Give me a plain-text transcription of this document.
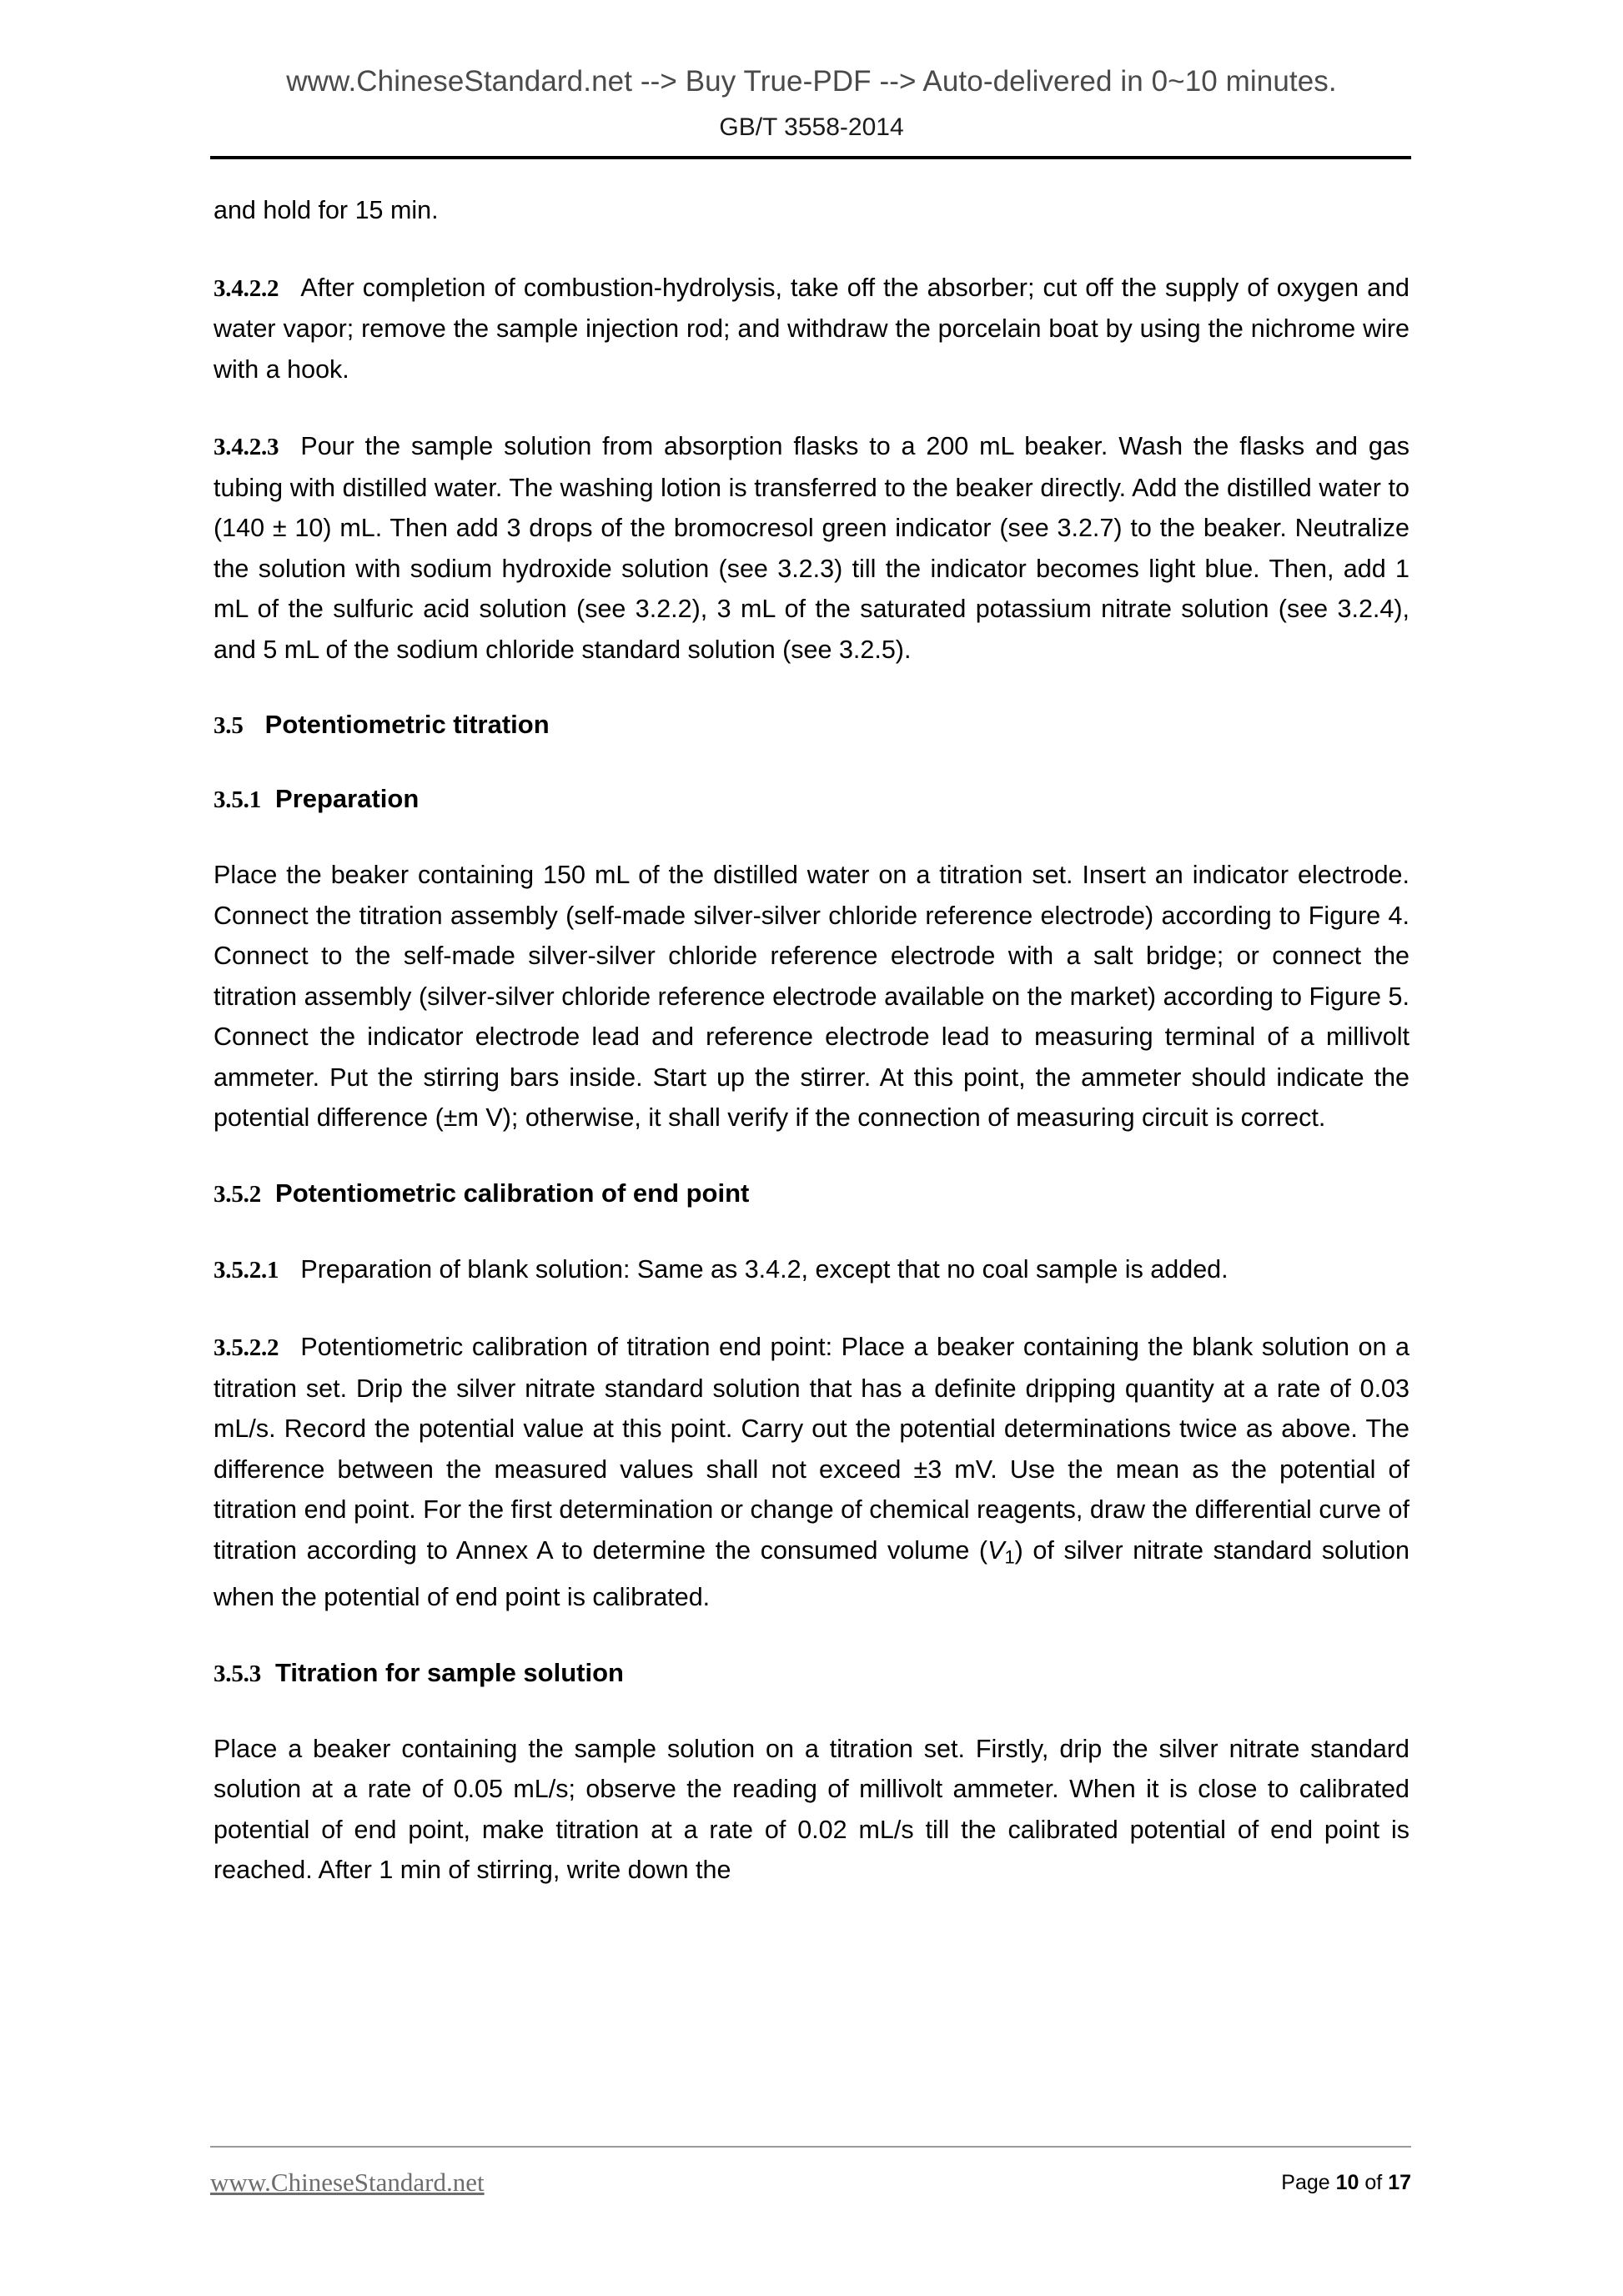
www.ChineseStandard.net --> Buy True-PDF --> Auto-delivered in 0~10 minutes.
GB/T 3558-2014

and hold for 15 min.

3.4.2.2 After completion of combustion-hydrolysis, take off the absorber; cut off the supply of oxygen and water vapor; remove the sample injection rod; and withdraw the porcelain boat by using the nichrome wire with a hook.

3.4.2.3 Pour the sample solution from absorption flasks to a 200 mL beaker. Wash the flasks and gas tubing with distilled water. The washing lotion is transferred to the beaker directly. Add the distilled water to (140 ± 10) mL. Then add 3 drops of the bromocresol green indicator (see 3.2.7) to the beaker. Neutralize the solution with sodium hydroxide solution (see 3.2.3) till the indicator becomes light blue. Then, add 1 mL of the sulfuric acid solution (see 3.2.2), 3 mL of the saturated potassium nitrate solution (see 3.2.4), and 5 mL of the sodium chloride standard solution (see 3.2.5).

3.5 Potentiometric titration
3.5.1 Preparation

Place the beaker containing 150 mL of the distilled water on a titration set. Insert an indicator electrode. Connect the titration assembly (self-made silver-silver chloride reference electrode) according to Figure 4. Connect to the self-made silver-silver chloride reference electrode with a salt bridge; or connect the titration assembly (silver-silver chloride reference electrode available on the market) according to Figure 5. Connect the indicator electrode lead and reference electrode lead to measuring terminal of a millivolt ammeter. Put the stirring bars inside. Start up the stirrer. At this point, the ammeter should indicate the potential difference (±m V); otherwise, it shall verify if the connection of measuring circuit is correct.

3.5.2 Potentiometric calibration of end point

3.5.2.1 Preparation of blank solution: Same as 3.4.2, except that no coal sample is added.

3.5.2.2 Potentiometric calibration of titration end point: Place a beaker containing the blank solution on a titration set. Drip the silver nitrate standard solution that has a definite dripping quantity at a rate of 0.03 mL/s. Record the potential value at this point. Carry out the potential determinations twice as above. The difference between the measured values shall not exceed ±3 mV. Use the mean as the potential of titration end point. For the first determination or change of chemical reagents, draw the differential curve of titration according to Annex A to determine the consumed volume $(V_1)$ of silver nitrate standard solution when the potential of end point is calibrated.

3.5.3 Titration for sample solution

Place a beaker containing the sample solution on a titration set. Firstly, drip the silver nitrate standard solution at a rate of 0.05 mL/s; observe the reading of millivolt ammeter. When it is close to calibrated potential of end point, make titration at a rate of 0.02 mL/s till the calibrated potential of end point is reached. After 1 min of stirring, write down the

www.ChineseStandard.net	Page 10 of 17
